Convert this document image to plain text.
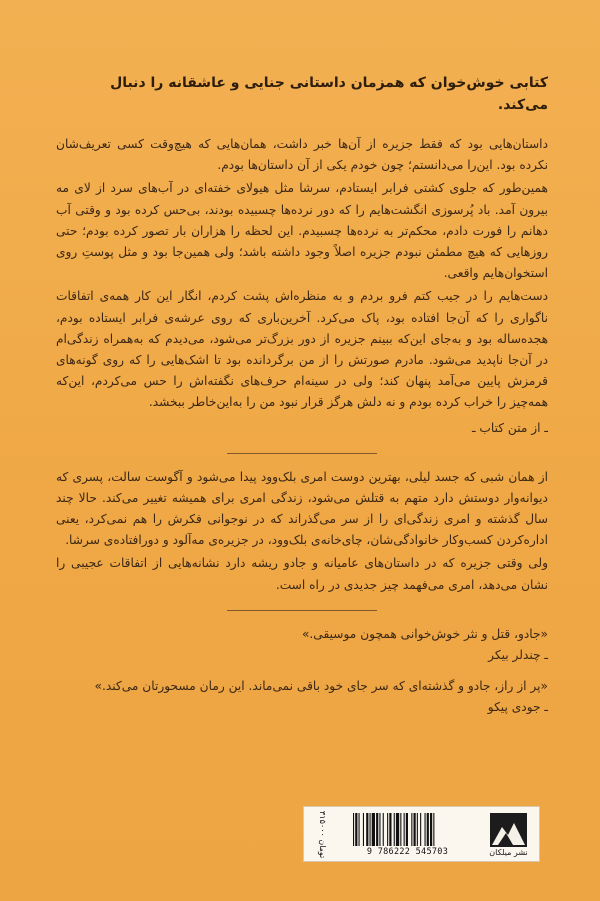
کتابی خوش‌خوان که همزمان داستانی جنایی و عاشقانه را دنبال می‌کند.

داستان‌هایی بود که فقط جزیره از آن‌ها خبر داشت، همان‌هایی که هیچ‌وقت کسی تعریف‌شان نکرده بود. این‌را می‌دانستم؛ چون خودم یکی از آن داستان‌ها بودم.

همین‌طور که جلوی کشتی فرابر ایستادم، سرشا مثل هیولای خفته‌ای در آب‌های سرد از لای مه بیرون آمد. باد پُرسوزی انگشت‌هایم را که دور نرده‌ها چسبیده بودند، بی‌حس کرده بود و وقتی آب دهانم را فورت دادم، محکم‌تر به نرده‌ها چسبیدم. این لحظه را هزاران بار تصور کرده بودم؛ حتی روزهایی که هیچ مطمئن نبودم جزیره اصلاً وجود داشته باشد؛ ولی همین‌جا بود و مثل پوستِ روی استخوان‌هایم واقعی.

دست‌هایم را در جیب کتم فرو بردم و به منظره‌اش پشت کردم، انگار این کار همه‌ی اتفاقات ناگواری را که آن‌جا افتاده بود، پاک می‌کرد. آخرین‌باری که روی عرشه‌ی فرابر ایستاده بودم، هجده‌ساله بود و به‌جای این‌که ببینم جزیره از دور بزرگ‌تر می‌شود، می‌دیدم که به‌همراه زندگی‌ام در آن‌جا ناپدید می‌شود. مادرم صورتش را از من برگردانده بود تا اشک‌هایی را که روی گونه‌های قرمزش پایین می‌آمد پنهان کند؛ ولی در سینه‌ام حرف‌های نگفته‌اش را حس می‌کردم، این‌که همه‌چیز را خراب کرده بودم و نه دلش هرگز قرار نبود من را به‌این‌خاطر ببخشد.

ـ از متن کتاب ـ

از همان شبی که جسد لیلی، بهترین دوست امری بلک‌وود پیدا می‌شود و آگوست سالت، پسری که دیوانه‌وار دوستش دارد متهم به قتلش می‌شود، زندگی امری برای همیشه تغییر می‌کند. حالا چند سال گذشته و امری زندگی‌ای را از سر می‌گذراند که در نوجوانی فکرش را هم نمی‌کرد، یعنی اداره‌کردن کسب‌وکار خانوادگی‌شان، چای‌خانه‌ی بلک‌وود، در جزیره‌ی مه‌آلود و دورافتاده‌ی سرشا.

ولی وقتی جزیره که در داستان‌های عامیانه و جادو ریشه دارد نشانه‌هایی از اتفاقات عجیبی را نشان می‌دهد، امری می‌فهمد چیز جدیدی در راه است.

«جادو، قتل و نثر خوش‌خوانی همچون موسیقی.»
ـ چندلر بیکر
«پر از راز، جادو و گذشته‌ای که سر جای خود باقی نمی‌ماند. این رمان مسحورتان می‌کند.»
ـ جودی پیکو
۳۱۵۰۰۰ تومان	9 786222 545703	نشر میلکان
